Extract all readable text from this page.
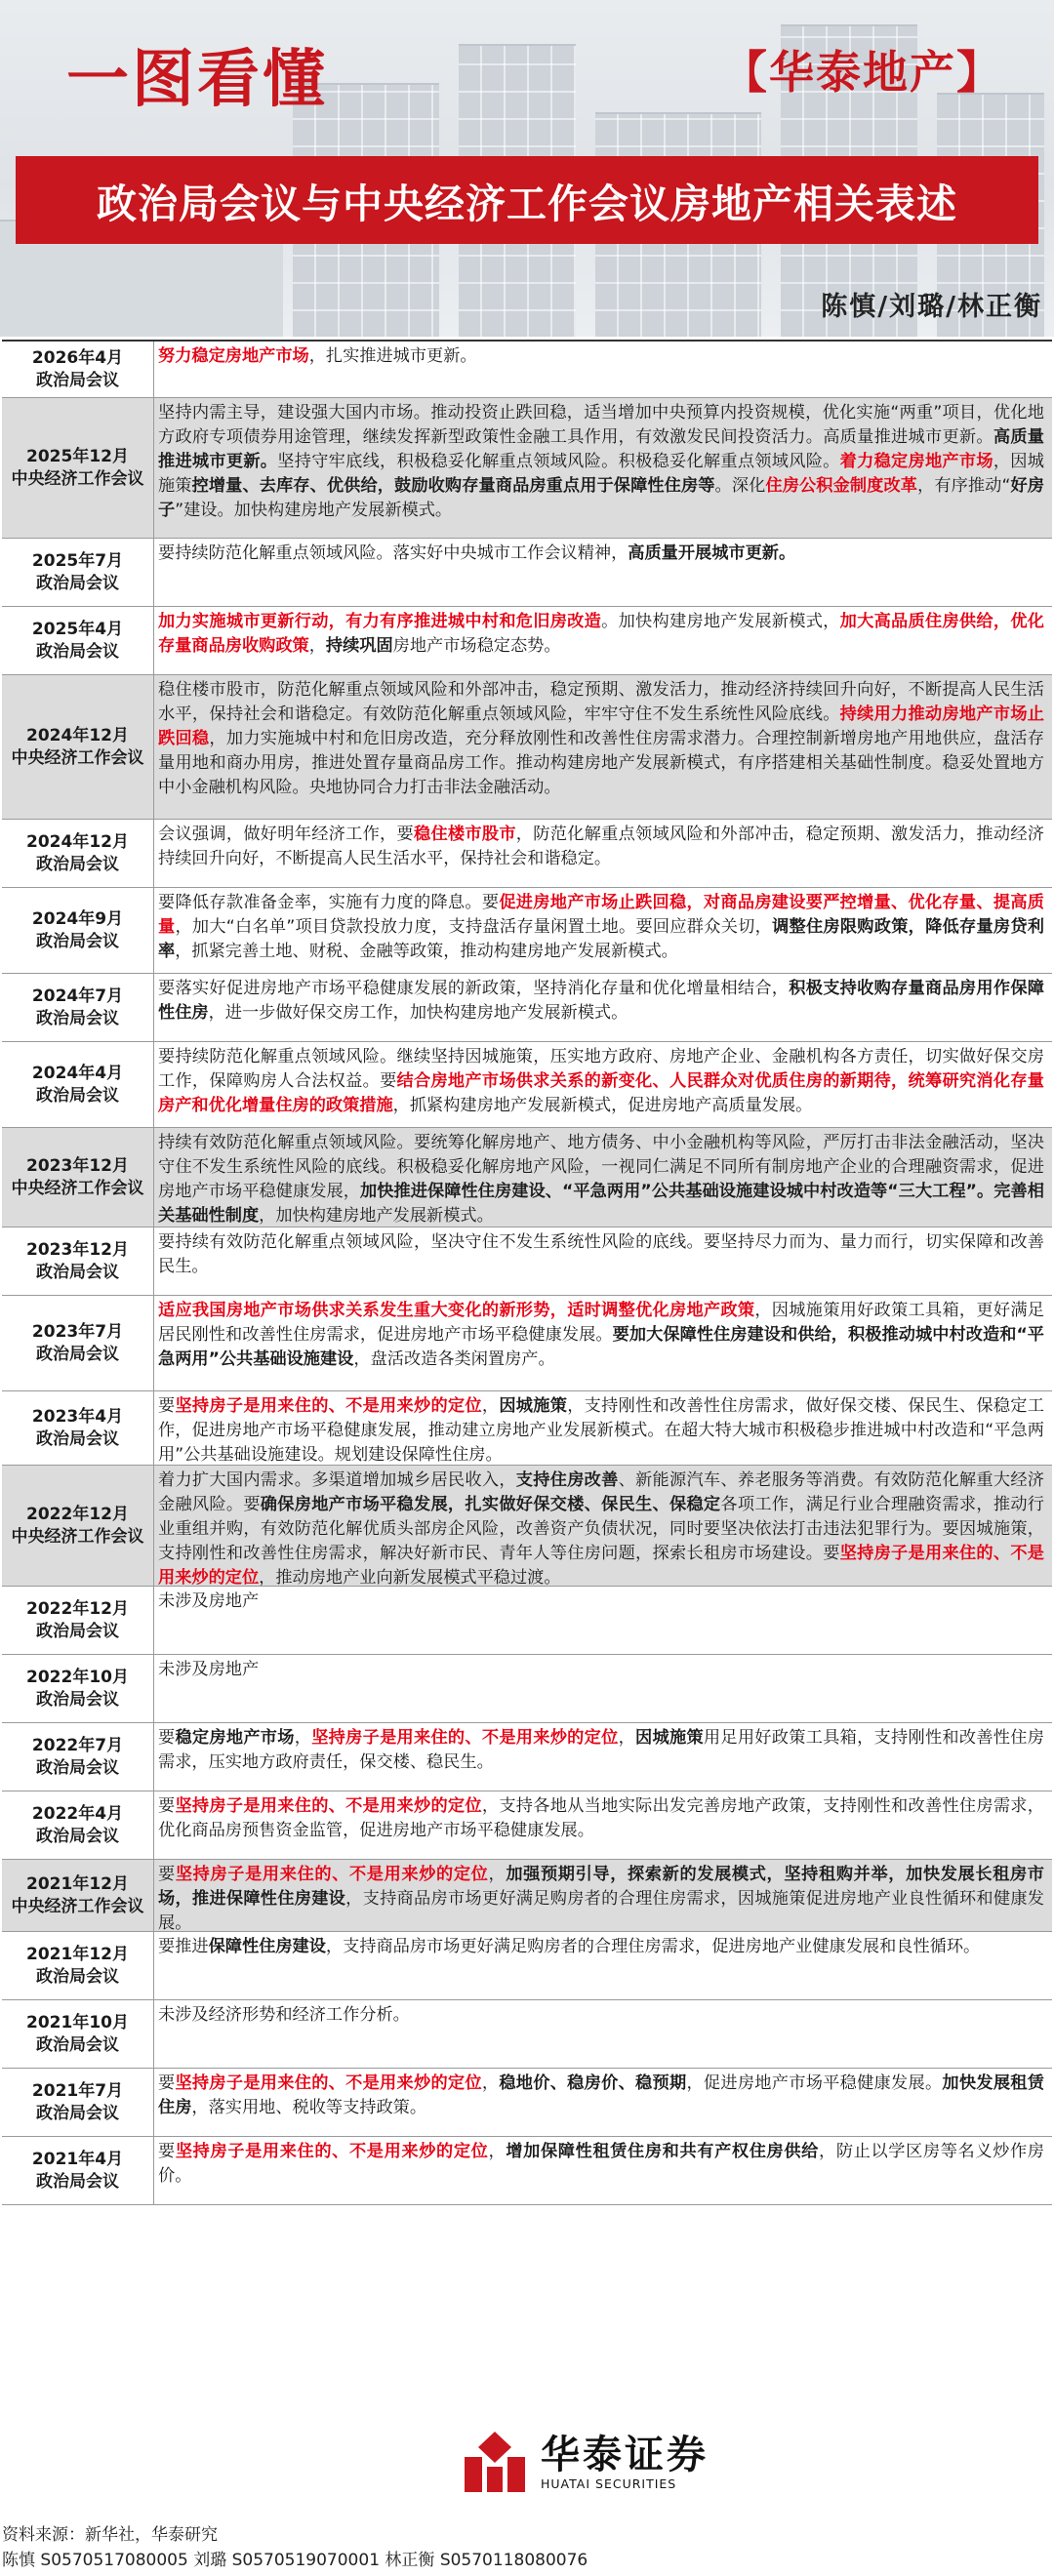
一图看懂	【华泰地产】
政治局会议与中央经济工作会议房地产相关表述
陈慎/刘璐/林正衡
2026年4月
政治局会议
努力稳定房地产市场，扎实推进城市更新。
2025年12月
中央经济工作会议
坚持内需主导，建设强大国内市场。推动投资止跌回稳，适当增加中央预算内投资规模，优化实施“两重”项目，优化地方政府专项债券用途管理，继续发挥新型政策性金融工具作用，有效激发民间投资活力。高质量推进城市更新。高质量推进城市更新。坚持守牢底线，积极稳妥化解重点领域风险。积极稳妥化解重点领域风险。着力稳定房地产市场，因城施策控增量、去库存、优供给，鼓励收购存量商品房重点用于保障性住房等。深化住房公积金制度改革，有序推动“好房子”建设。加快构建房地产发展新模式。
2025年7月
政治局会议
要持续防范化解重点领域风险。落实好中央城市工作会议精神，高质量开展城市更新。
2025年4月
政治局会议
加力实施城市更新行动，有力有序推进城中村和危旧房改造。加快构建房地产发展新模式，加大高品质住房供给，优化存量商品房收购政策，持续巩固房地产市场稳定态势。
2024年12月
中央经济工作会议
稳住楼市股市，防范化解重点领域风险和外部冲击，稳定预期、激发活力，推动经济持续回升向好，不断提高人民生活水平，保持社会和谐稳定。有效防范化解重点领域风险，牢牢守住不发生系统性风险底线。持续用力推动房地产市场止跌回稳，加力实施城中村和危旧房改造，充分释放刚性和改善性住房需求潜力。合理控制新增房地产用地供应，盘活存量用地和商办用房，推进处置存量商品房工作。推动构建房地产发展新模式，有序搭建相关基础性制度。稳妥处置地方中小金融机构风险。央地协同合力打击非法金融活动。
2024年12月
政治局会议
会议强调，做好明年经济工作，要稳住楼市股市，防范化解重点领域风险和外部冲击，稳定预期、激发活力，推动经济持续回升向好，不断提高人民生活水平，保持社会和谐稳定。
2024年9月
政治局会议
要降低存款准备金率，实施有力度的降息。要促进房地产市场止跌回稳，对商品房建设要严控增量、优化存量、提高质量，加大“白名单”项目贷款投放力度，支持盘活存量闲置土地。要回应群众关切，调整住房限购政策，降低存量房贷利率，抓紧完善土地、财税、金融等政策，推动构建房地产发展新模式。
2024年7月
政治局会议
要落实好促进房地产市场平稳健康发展的新政策，坚持消化存量和优化增量相结合，积极支持收购存量商品房用作保障性住房，进一步做好保交房工作，加快构建房地产发展新模式。
2024年4月
政治局会议
要持续防范化解重点领域风险。继续坚持因城施策，压实地方政府、房地产企业、金融机构各方责任，切实做好保交房工作，保障购房人合法权益。要结合房地产市场供求关系的新变化、人民群众对优质住房的新期待，统筹研究消化存量房产和优化增量住房的政策措施，抓紧构建房地产发展新模式，促进房地产高质量发展。
2023年12月
中央经济工作会议
持续有效防范化解重点领域风险。要统筹化解房地产、地方债务、中小金融机构等风险，严厉打击非法金融活动，坚决守住不发生系统性风险的底线。积极稳妥化解房地产风险，一视同仁满足不同所有制房地产企业的合理融资需求，促进房地产市场平稳健康发展，加快推进保障性住房建设、“平急两用”公共基础设施建设城中村改造等“三大工程”。完善相关基础性制度，加快构建房地产发展新模式。
2023年12月
政治局会议
要持续有效防范化解重点领域风险，坚决守住不发生系统性风险的底线。要坚持尽力而为、量力而行，切实保障和改善民生。
2023年7月
政治局会议
适应我国房地产市场供求关系发生重大变化的新形势，适时调整优化房地产政策，因城施策用好政策工具箱，更好满足居民刚性和改善性住房需求，促进房地产市场平稳健康发展。要加大保障性住房建设和供给，积极推动城中村改造和“平急两用”公共基础设施建设，盘活改造各类闲置房产。
2023年4月
政治局会议
要坚持房子是用来住的、不是用来炒的定位，因城施策，支持刚性和改善性住房需求，做好保交楼、保民生、保稳定工作，促进房地产市场平稳健康发展，推动建立房地产业发展新模式。在超大特大城市积极稳步推进城中村改造和“平急两用”公共基础设施建设。规划建设保障性住房。
2022年12月
中央经济工作会议
着力扩大国内需求。多渠道增加城乡居民收入，支持住房改善、新能源汽车、养老服务等消费。有效防范化解重大经济金融风险。要确保房地产市场平稳发展，扎实做好保交楼、保民生、保稳定各项工作，满足行业合理融资需求，推动行业重组并购，有效防范化解优质头部房企风险，改善资产负债状况，同时要坚决依法打击违法犯罪行为。要因城施策，支持刚性和改善性住房需求，解决好新市民、青年人等住房问题，探索长租房市场建设。要坚持房子是用来住的、不是用来炒的定位，推动房地产业向新发展模式平稳过渡。
2022年12月
政治局会议
未涉及房地产
2022年10月
政治局会议
未涉及房地产
2022年7月
政治局会议
要稳定房地产市场，坚持房子是用来住的、不是用来炒的定位，因城施策用足用好政策工具箱，支持刚性和改善性住房需求，压实地方政府责任，保交楼、稳民生。
2022年4月
政治局会议
要坚持房子是用来住的、不是用来炒的定位，支持各地从当地实际出发完善房地产政策，支持刚性和改善性住房需求，优化商品房预售资金监管，促进房地产市场平稳健康发展。
2021年12月
中央经济工作会议
要坚持房子是用来住的、不是用来炒的定位，加强预期引导，探索新的发展模式，坚持租购并举，加快发展长租房市场，推进保障性住房建设，支持商品房市场更好满足购房者的合理住房需求，因城施策促进房地产业良性循环和健康发展。
2021年12月
政治局会议
要推进保障性住房建设，支持商品房市场更好满足购房者的合理住房需求，促进房地产业健康发展和良性循环。
2021年10月
政治局会议
未涉及经济形势和经济工作分析。
2021年7月
政治局会议
要坚持房子是用来住的、不是用来炒的定位，稳地价、稳房价、稳预期，促进房地产市场平稳健康发展。加快发展租赁住房，落实用地、税收等支持政策。
2021年4月
政治局会议
要坚持房子是用来住的、不是用来炒的定位，增加保障性租赁住房和共有产权住房供给，防止以学区房等名义炒作房价。
华泰证券
HUATAI SECURITIES
资料来源：新华社，华泰研究
陈慎 S0570517080005 刘璐 S0570519070001 林正衡 S0570118080076
